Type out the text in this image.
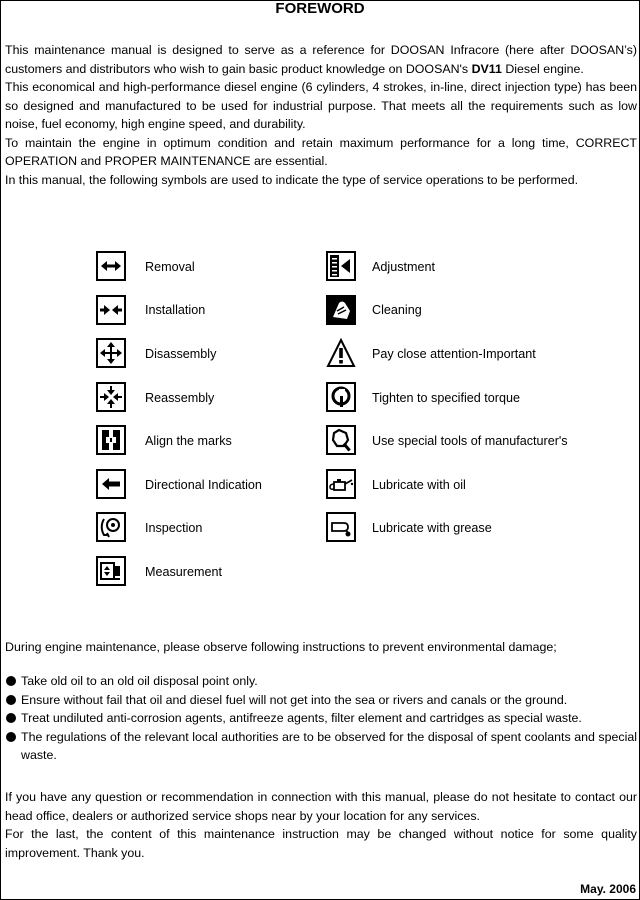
FOREWORD

This maintenance manual is designed to serve as a reference for DOOSAN Infracore (here after DOOSAN’s) customers and distributors who wish to gain basic product knowledge on DOOSAN's DV11 Diesel engine.

This economical and high-performance diesel engine (6 cylinders, 4 strokes, in-line, direct injection type) has been so designed and manufactured to be used for industrial purpose. That meets all the requirements such as low noise, fuel economy, high engine speed, and durability.

To maintain the engine in optimum condition and retain maximum performance for a long time, CORRECT OPERATION and PROPER MAINTENANCE are essential.

In this manual, the following symbols are used to indicate the type of service operations to be performed.

Removal
Installation
Disassembly
Reassembly
Align the marks
Directional Indication
Inspection
Measurement
Adjustment
Cleaning
Pay close attention-Important
Tighten to specified torque
Use special tools of manufacturer's
Lubricate with oil
Lubricate with grease
During engine maintenance, please observe following instructions to prevent environmental damage;
Take old oil to an old oil disposal point only.
Ensure without fail that oil and diesel fuel will not get into the sea or rivers and canals or the ground.
Treat undiluted anti-corrosion agents, antifreeze agents, filter element and cartridges as special waste.
The regulations of the relevant local authorities are to be observed for the disposal of spent coolants and special waste.

If you have any question or recommendation in connection with this manual, please do not hesitate to contact our head office, dealers or authorized service shops near by your location for any services.

For the last, the content of this maintenance instruction may be changed without notice for some quality improvement. Thank you.

May. 2006
